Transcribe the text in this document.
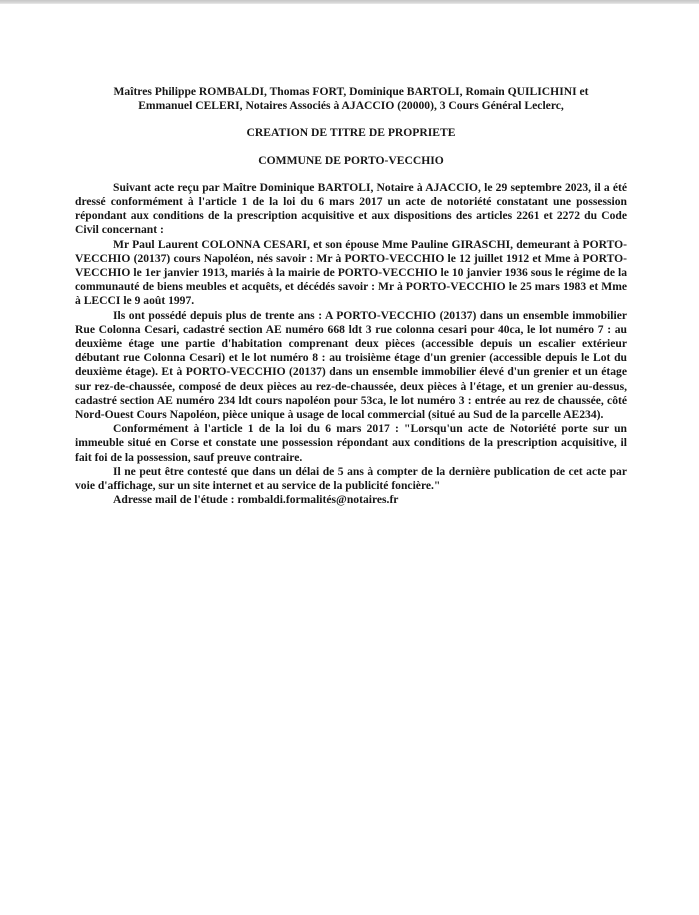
Maîtres Philippe ROMBALDI, Thomas FORT, Dominique BARTOLI, Romain QUILICHINI et
Emmanuel CELERI, Notaires Associés à AJACCIO (20000), 3 Cours Général Leclerc,
CREATION DE TITRE DE PROPRIETE
COMMUNE DE PORTO-VECCHIO

Suivant acte reçu par Maître Dominique BARTOLI, Notaire à AJACCIO, le 29 septembre 2023, il a été dressé conformément à l'article 1 de la loi du 6 mars 2017 un acte de notoriété constatant une possession répondant aux conditions de la prescription acquisitive et aux dispositions des articles 2261 et 2272 du Code Civil concernant :

Mr Paul Laurent COLONNA CESARI, et son épouse Mme Pauline GIRASCHI, demeurant à PORTO-VECCHIO (20137) cours Napoléon, nés savoir : Mr à PORTO-VECCHIO le 12 juillet 1912 et Mme à PORTO-VECCHIO le 1er janvier 1913, mariés à la mairie de PORTO-VECCHIO le 10 janvier 1936 sous le régime de la communauté de biens meubles et acquêts, et décédés savoir : Mr à PORTO-VECCHIO le 25 mars 1983 et Mme à LECCI le 9 août 1997.

Ils ont possédé depuis plus de trente ans : A PORTO-VECCHIO (20137) dans un ensemble immobilier Rue Colonna Cesari, cadastré section AE numéro 668 ldt 3 rue colonna cesari pour 40ca, le lot numéro 7 : au deuxième étage une partie d'habitation comprenant deux pièces (accessible depuis un escalier extérieur débutant rue Colonna Cesari) et le lot numéro 8 : au troisième étage d'un grenier (accessible depuis le Lot du deuxième étage). Et à PORTO-VECCHIO (20137) dans un ensemble immobilier élevé d'un grenier et un étage sur rez-de-chaussée, composé de deux pièces au rez-de-chaussée, deux pièces à l'étage, et un grenier au-dessus, cadastré section AE numéro 234 ldt cours napoléon pour 53ca, le lot numéro 3 : entrée au rez de chaussée, côté Nord-Ouest Cours Napoléon, pièce unique à usage de local commercial (situé au Sud de la parcelle AE234).

Conformément à l'article 1 de la loi du 6 mars 2017 : "Lorsqu'un acte de Notoriété porte sur un immeuble situé en Corse et constate une possession répondant aux conditions de la prescription acquisitive, il fait foi de la possession, sauf preuve contraire.

Il ne peut être contesté que dans un délai de 5 ans à compter de la dernière publication de cet acte par voie d'affichage, sur un site internet et au service de la publicité foncière."

Adresse mail de l'étude : rombaldi.formalités@notaires.fr
